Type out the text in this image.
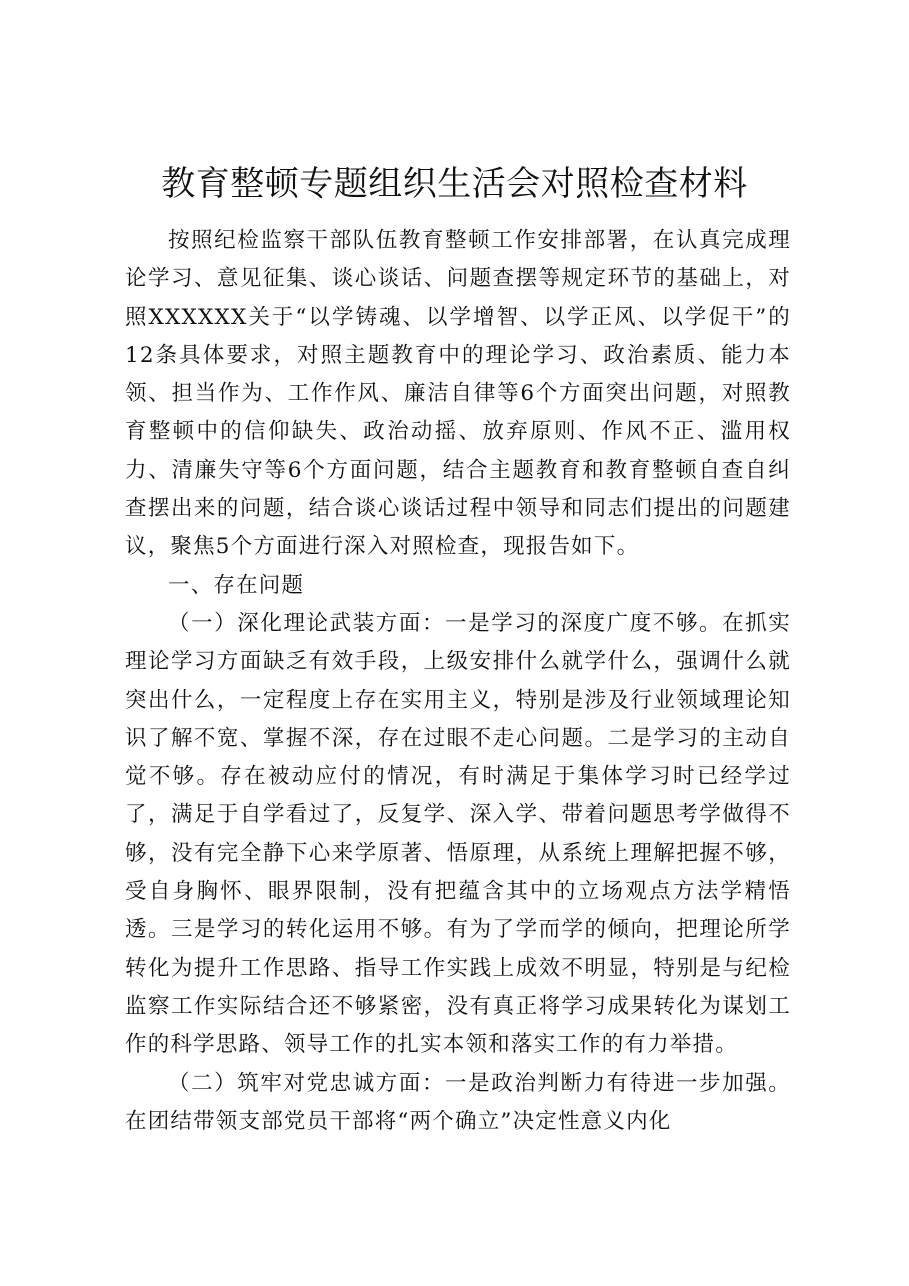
教育整顿专题组织生活会对照检查材料

按照纪检监察干部队伍教育整顿工作安排部署，在认真完成理论学习、意见征集、谈心谈话、问题查摆等规定环节的基础上，对照XXXXXX关于“以学铸魂、以学增智、以学正风、以学促干”的12条具体要求，对照主题教育中的理论学习、政治素质、能力本领、担当作为、工作作风、廉洁自律等6个方面突出问题，对照教育整顿中的信仰缺失、政治动摇、放弃原则、作风不正、滥用权力、清廉失守等6个方面问题，结合主题教育和教育整顿自查自纠查摆出来的问题，结合谈心谈话过程中领导和同志们提出的问题建议，聚焦5个方面进行深入对照检查，现报告如下。

一、存在问题

（一）深化理论武装方面：一是学习的深度广度不够。在抓实理论学习方面缺乏有效手段，上级安排什么就学什么，强调什么就突出什么，一定程度上存在实用主义，特别是涉及行业领域理论知识了解不宽、掌握不深，存在过眼不走心问题。二是学习的主动自觉不够。存在被动应付的情况，有时满足于集体学习时已经学过了，满足于自学看过了，反复学、深入学、带着问题思考学做得不够，没有完全静下心来学原著、悟原理，从系统上理解把握不够，受自身胸怀、眼界限制，没有把蕴含其中的立场观点方法学精悟透。三是学习的转化运用不够。有为了学而学的倾向，把理论所学转化为提升工作思路、指导工作实践上成效不明显，特别是与纪检监察工作实际结合还不够紧密，没有真正将学习成果转化为谋划工作的科学思路、领导工作的扎实本领和落实工作的有力举措。

（二）筑牢对党忠诚方面：一是政治判断力有待进一步加强。在团结带领支部党员干部将“两个确立”决定性意义内化
